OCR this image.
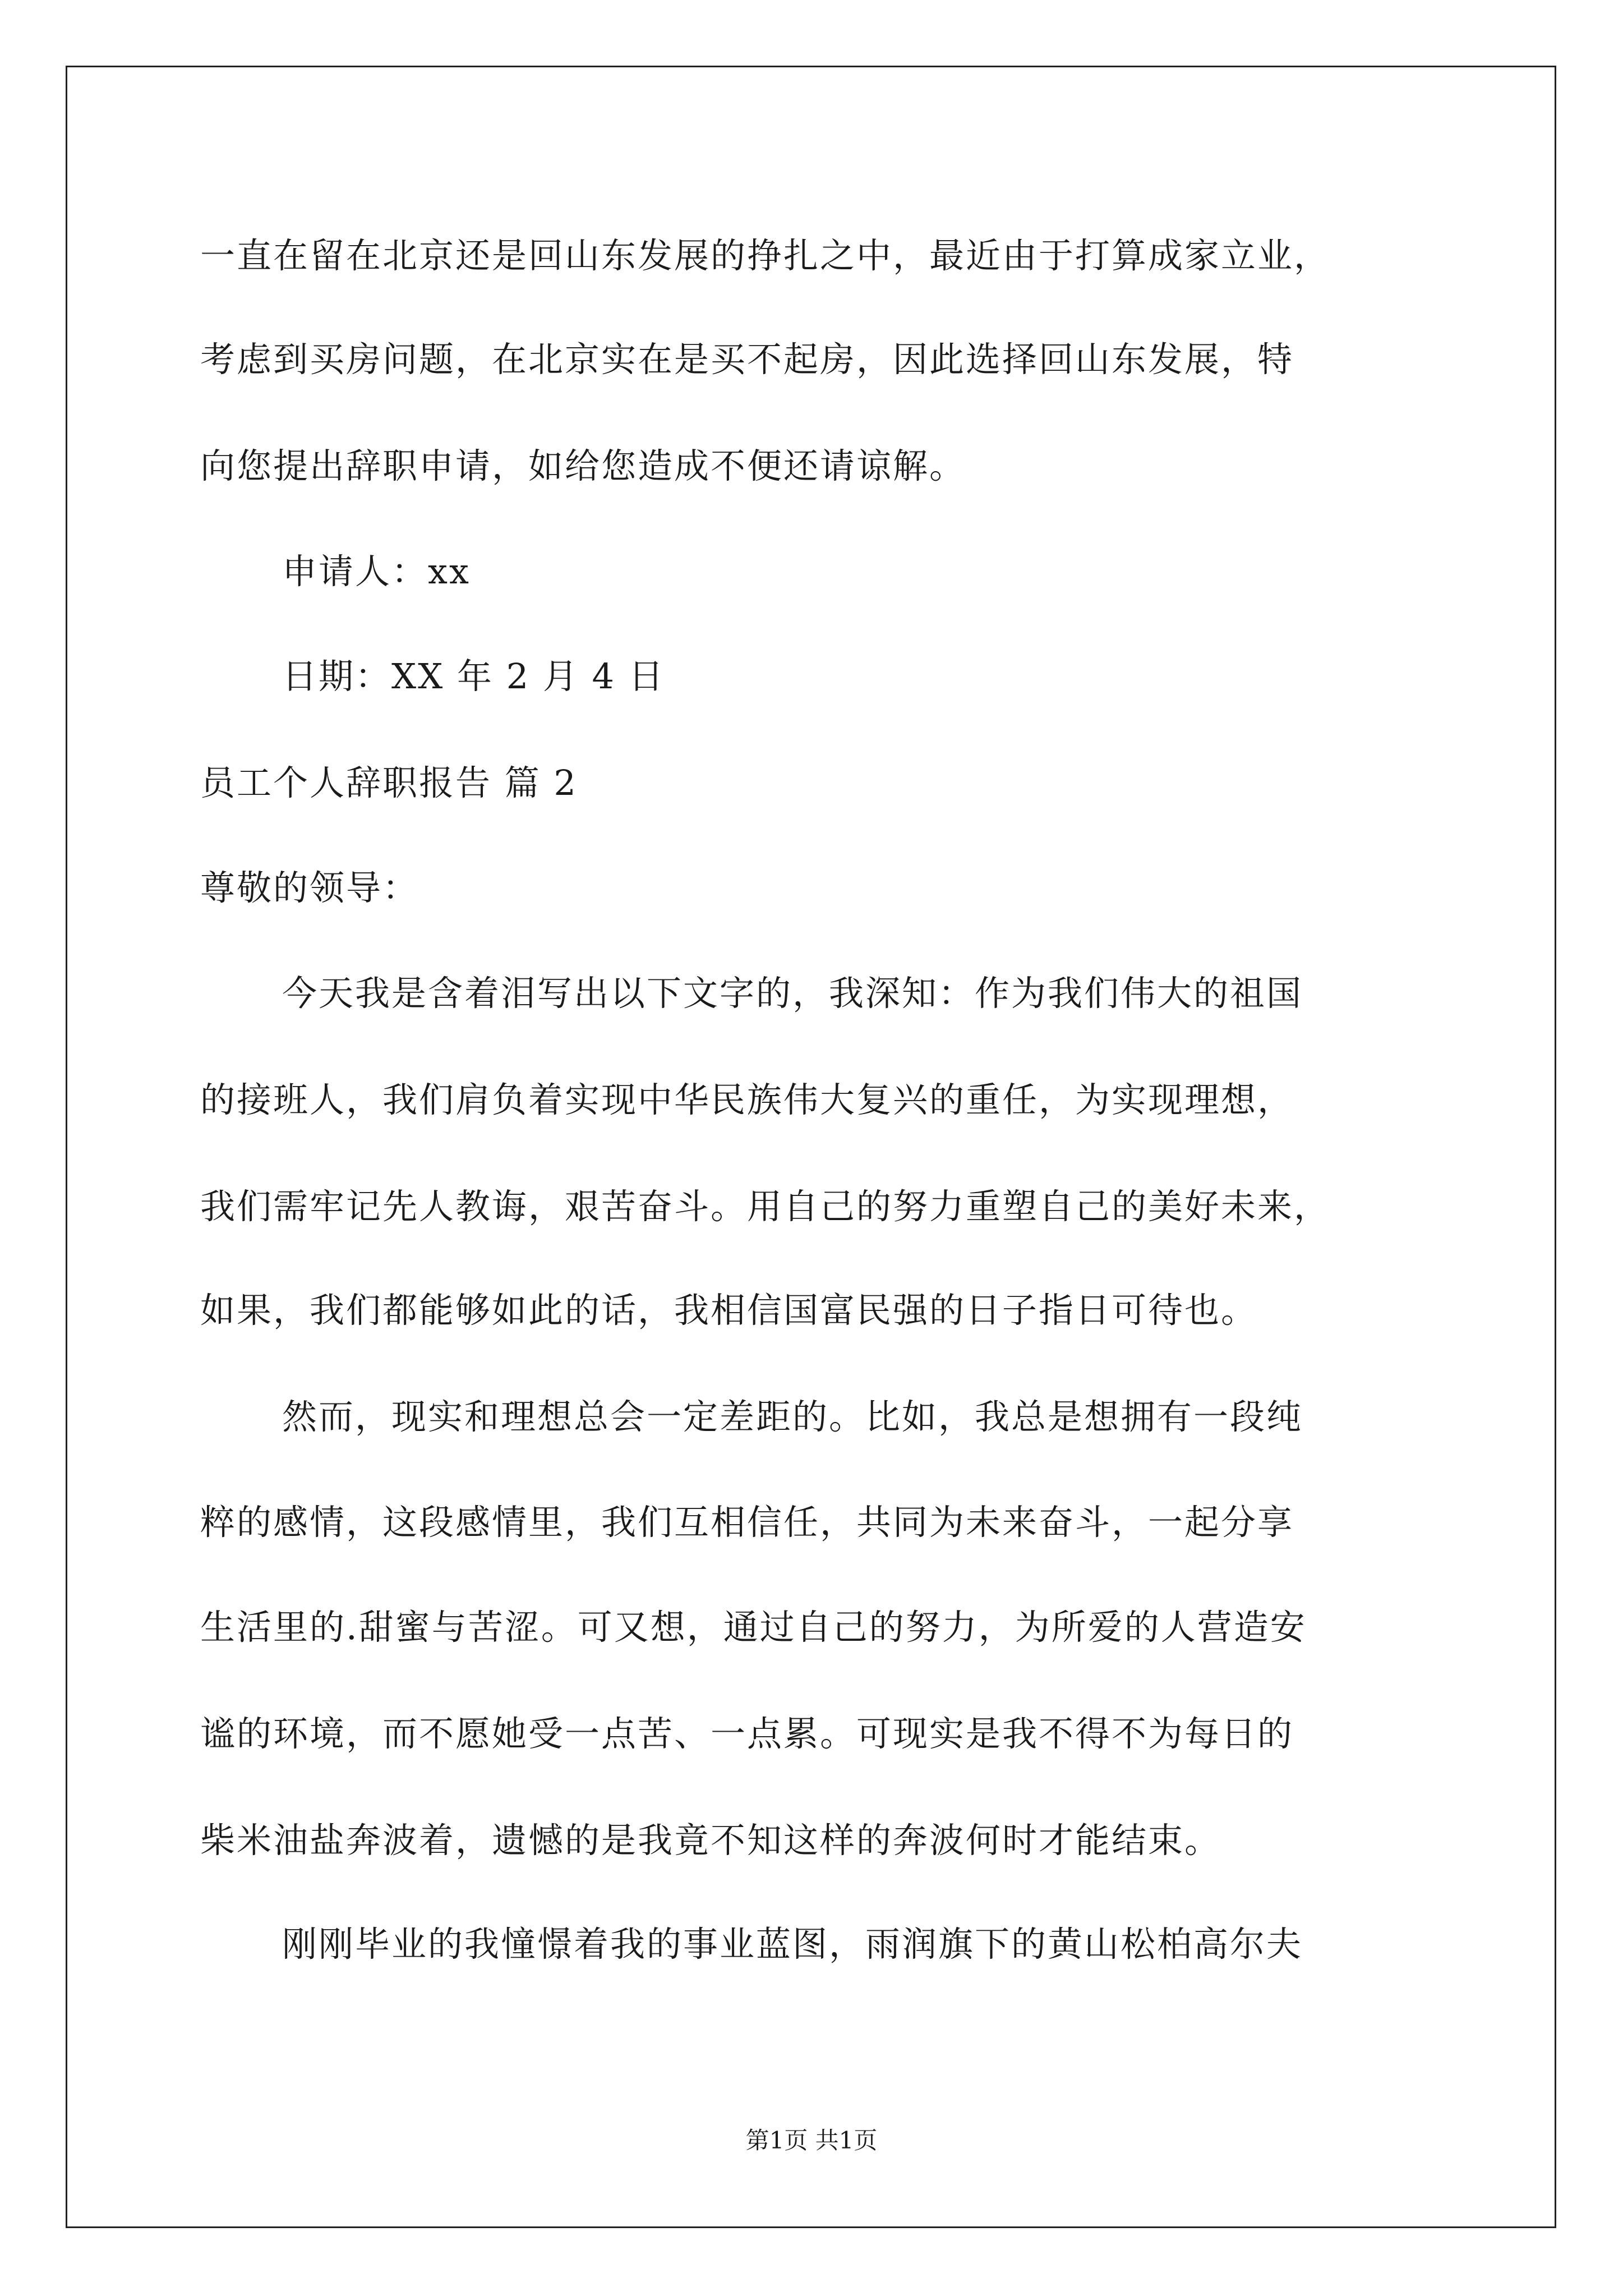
一直在留在北京还是回山东发展的挣扎之中，最近由于打算成家立业，
考虑到买房问题，在北京实在是买不起房，因此选择回山东发展，特
向您提出辞职申请，如给您造成不便还请谅解。
申请人：xx
日期：XX 年 2 月 4 日
员工个人辞职报告 篇 2
尊敬的领导：
今天我是含着泪写出以下文字的，我深知：作为我们伟大的祖国
的接班人，我们肩负着实现中华民族伟大复兴的重任，为实现理想，
我们需牢记先人教诲，艰苦奋斗。用自己的努力重塑自己的美好未来，
如果，我们都能够如此的话，我相信国富民强的日子指日可待也。
然而，现实和理想总会一定差距的。比如，我总是想拥有一段纯
粹的感情，这段感情里，我们互相信任，共同为未来奋斗，一起分享
生活里的.甜蜜与苦涩。可又想，通过自己的努力，为所爱的人营造安
谧的环境，而不愿她受一点苦、一点累。可现实是我不得不为每日的
柴米油盐奔波着，遗憾的是我竟不知这样的奔波何时才能结束。
刚刚毕业的我憧憬着我的事业蓝图，雨润旗下的黄山松柏高尔夫
第1页 共1页
